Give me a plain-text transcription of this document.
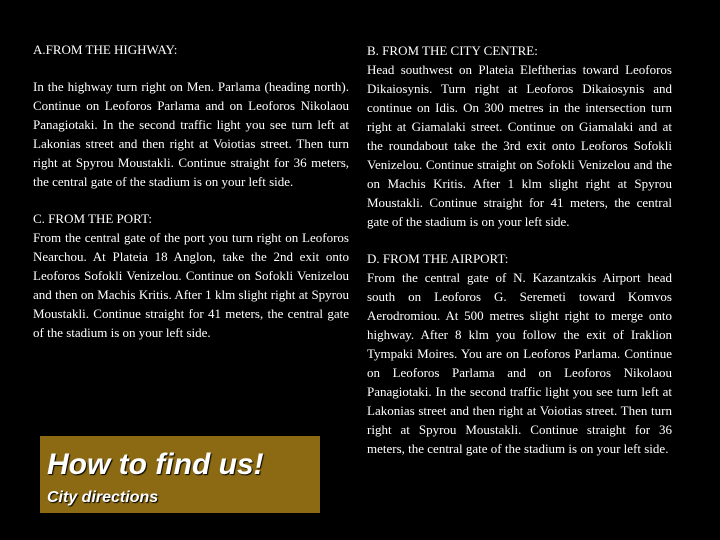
A.FROM THE HIGHWAY:

In the highway turn right on Men. Parlama (heading north). Continue on Leoforos Parlama and on Leoforos Nikolaou Panagiotaki. In the second traffic light you see turn left at Lakonias street and then right at Voiotias street. Then turn right at Spyrou Moustakli. Continue straight for 36 meters, the central gate of the stadium is on your left side.

C. FROM THE PORT:

From the central gate of the port you turn right on Leoforos Nearchou. At Plateia 18 Anglon, take the 2nd exit onto Leoforos Sofokli Venizelou. Continue on Sofokli Venizelou and then on Machis Kritis. After 1 klm slight right at Spyrou Moustakli. Continue straight for 41 meters, the central gate of the stadium is on your left side.

B. FROM THE CITY CENTRE:

Head southwest on Plateia Eleftherias toward Leoforos Dikaiosynis. Turn right at Leoforos Dikaiosynis and continue on Idis. On 300 metres in the intersection turn right at Giamalaki street. Continue on Giamalaki and at the roundabout take the 3rd exit onto Leoforos Sofokli Venizelou. Continue straight on Sofokli Venizelou and the on Machis Kritis. After 1 klm slight right at Spyrou Moustakli. Continue straight for 41 meters, the central gate of the stadium is on your left side.

D. FROM THE AIRPORT:

From the central gate of N. Kazantzakis Airport head south on Leoforos G. Seremeti toward Komvos Aerodromiou. At 500 metres slight right to merge onto highway. After 8 klm you follow the exit of Iraklion Tympaki Moires. You are on Leoforos Parlama. Continue on Leoforos Parlama and on Leoforos Nikolaou Panagiotaki. In the second traffic light you see turn left at Lakonias street and then right at Voiotias street. Then turn right at Spyrou Moustakli. Continue straight for 36 meters, the central gate of the stadium is on your left side.

How to find us!

City directions
